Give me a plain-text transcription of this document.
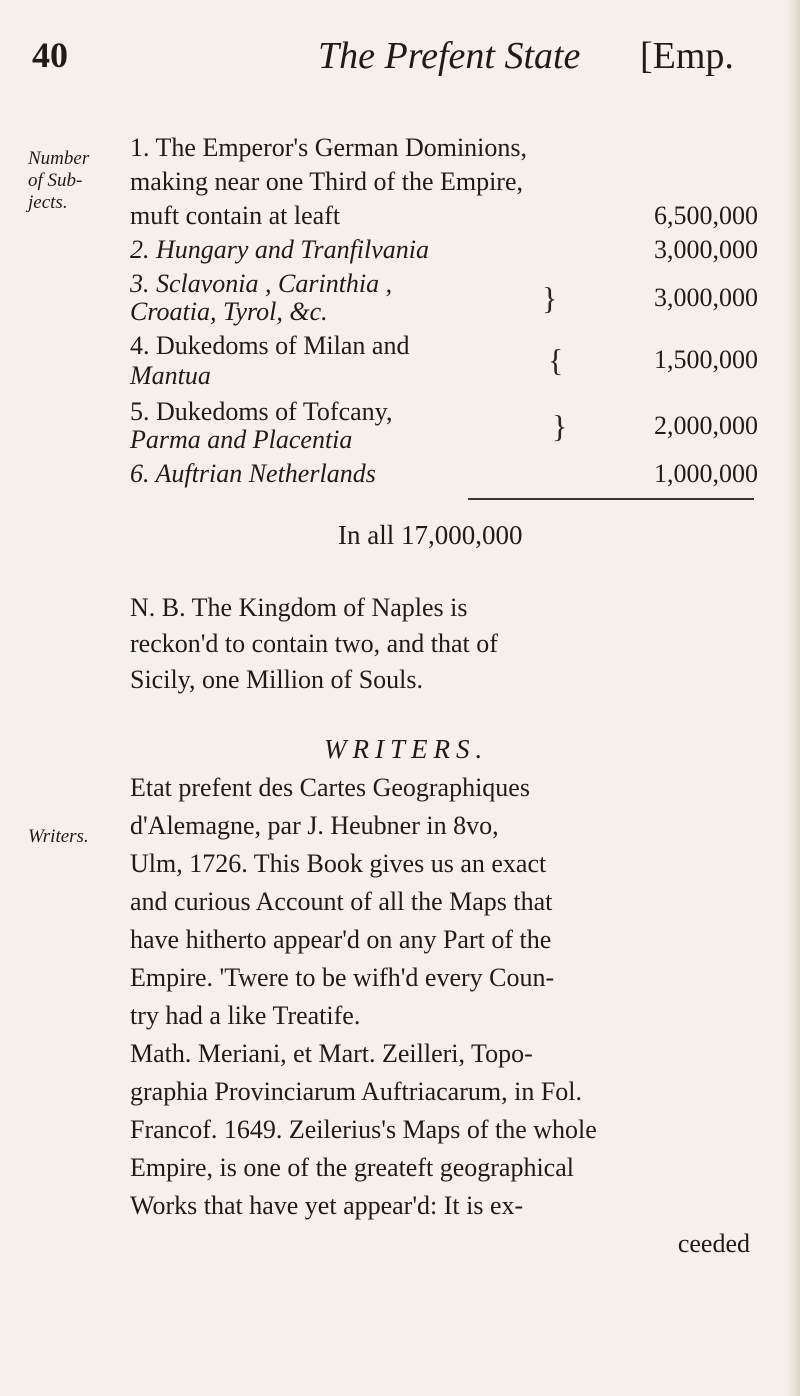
40	The Prefent State [Emp.
Number of Sub- jects.
Writers.
1. The Emperor's German Dominions,
making near one Third of the Empire,
muft contain at leaft	6,500,000
2. Hungary and Tranfilvania	3,000,000
3. Sclavonia , Carinthia ,
Croatia, Tyrol, &c.	}	3,000,000
4. Dukedoms of Milan and
Mantua	{	1,500,000
5. Dukedoms of Tofcany,
Parma and Placentia	}	2,000,000
6. Auftrian Netherlands	1,000,000
In all 17,000,000
N. B. The Kingdom of Naples is
reckon'd to contain two, and that of
Sicily, one Million of Souls.
WRITERS.
Etat prefent des Cartes Geographiques
d'Alemagne, par J. Heubner in 8vo,
Ulm, 1726. This Book gives us an exact
and curious Account of all the Maps that
have hitherto appear'd on any Part of the
Empire. 'Twere to be wifh'd every Coun-
try had a like Treatife.
Math. Meriani, et Mart. Zeilleri, Topo-
graphia Provinciarum Auftriacarum, in Fol.
Francof. 1649. Zeilerius's Maps of the whole
Empire, is one of the greateft geographical
Works that have yet appear'd: It is ex-
ceeded
